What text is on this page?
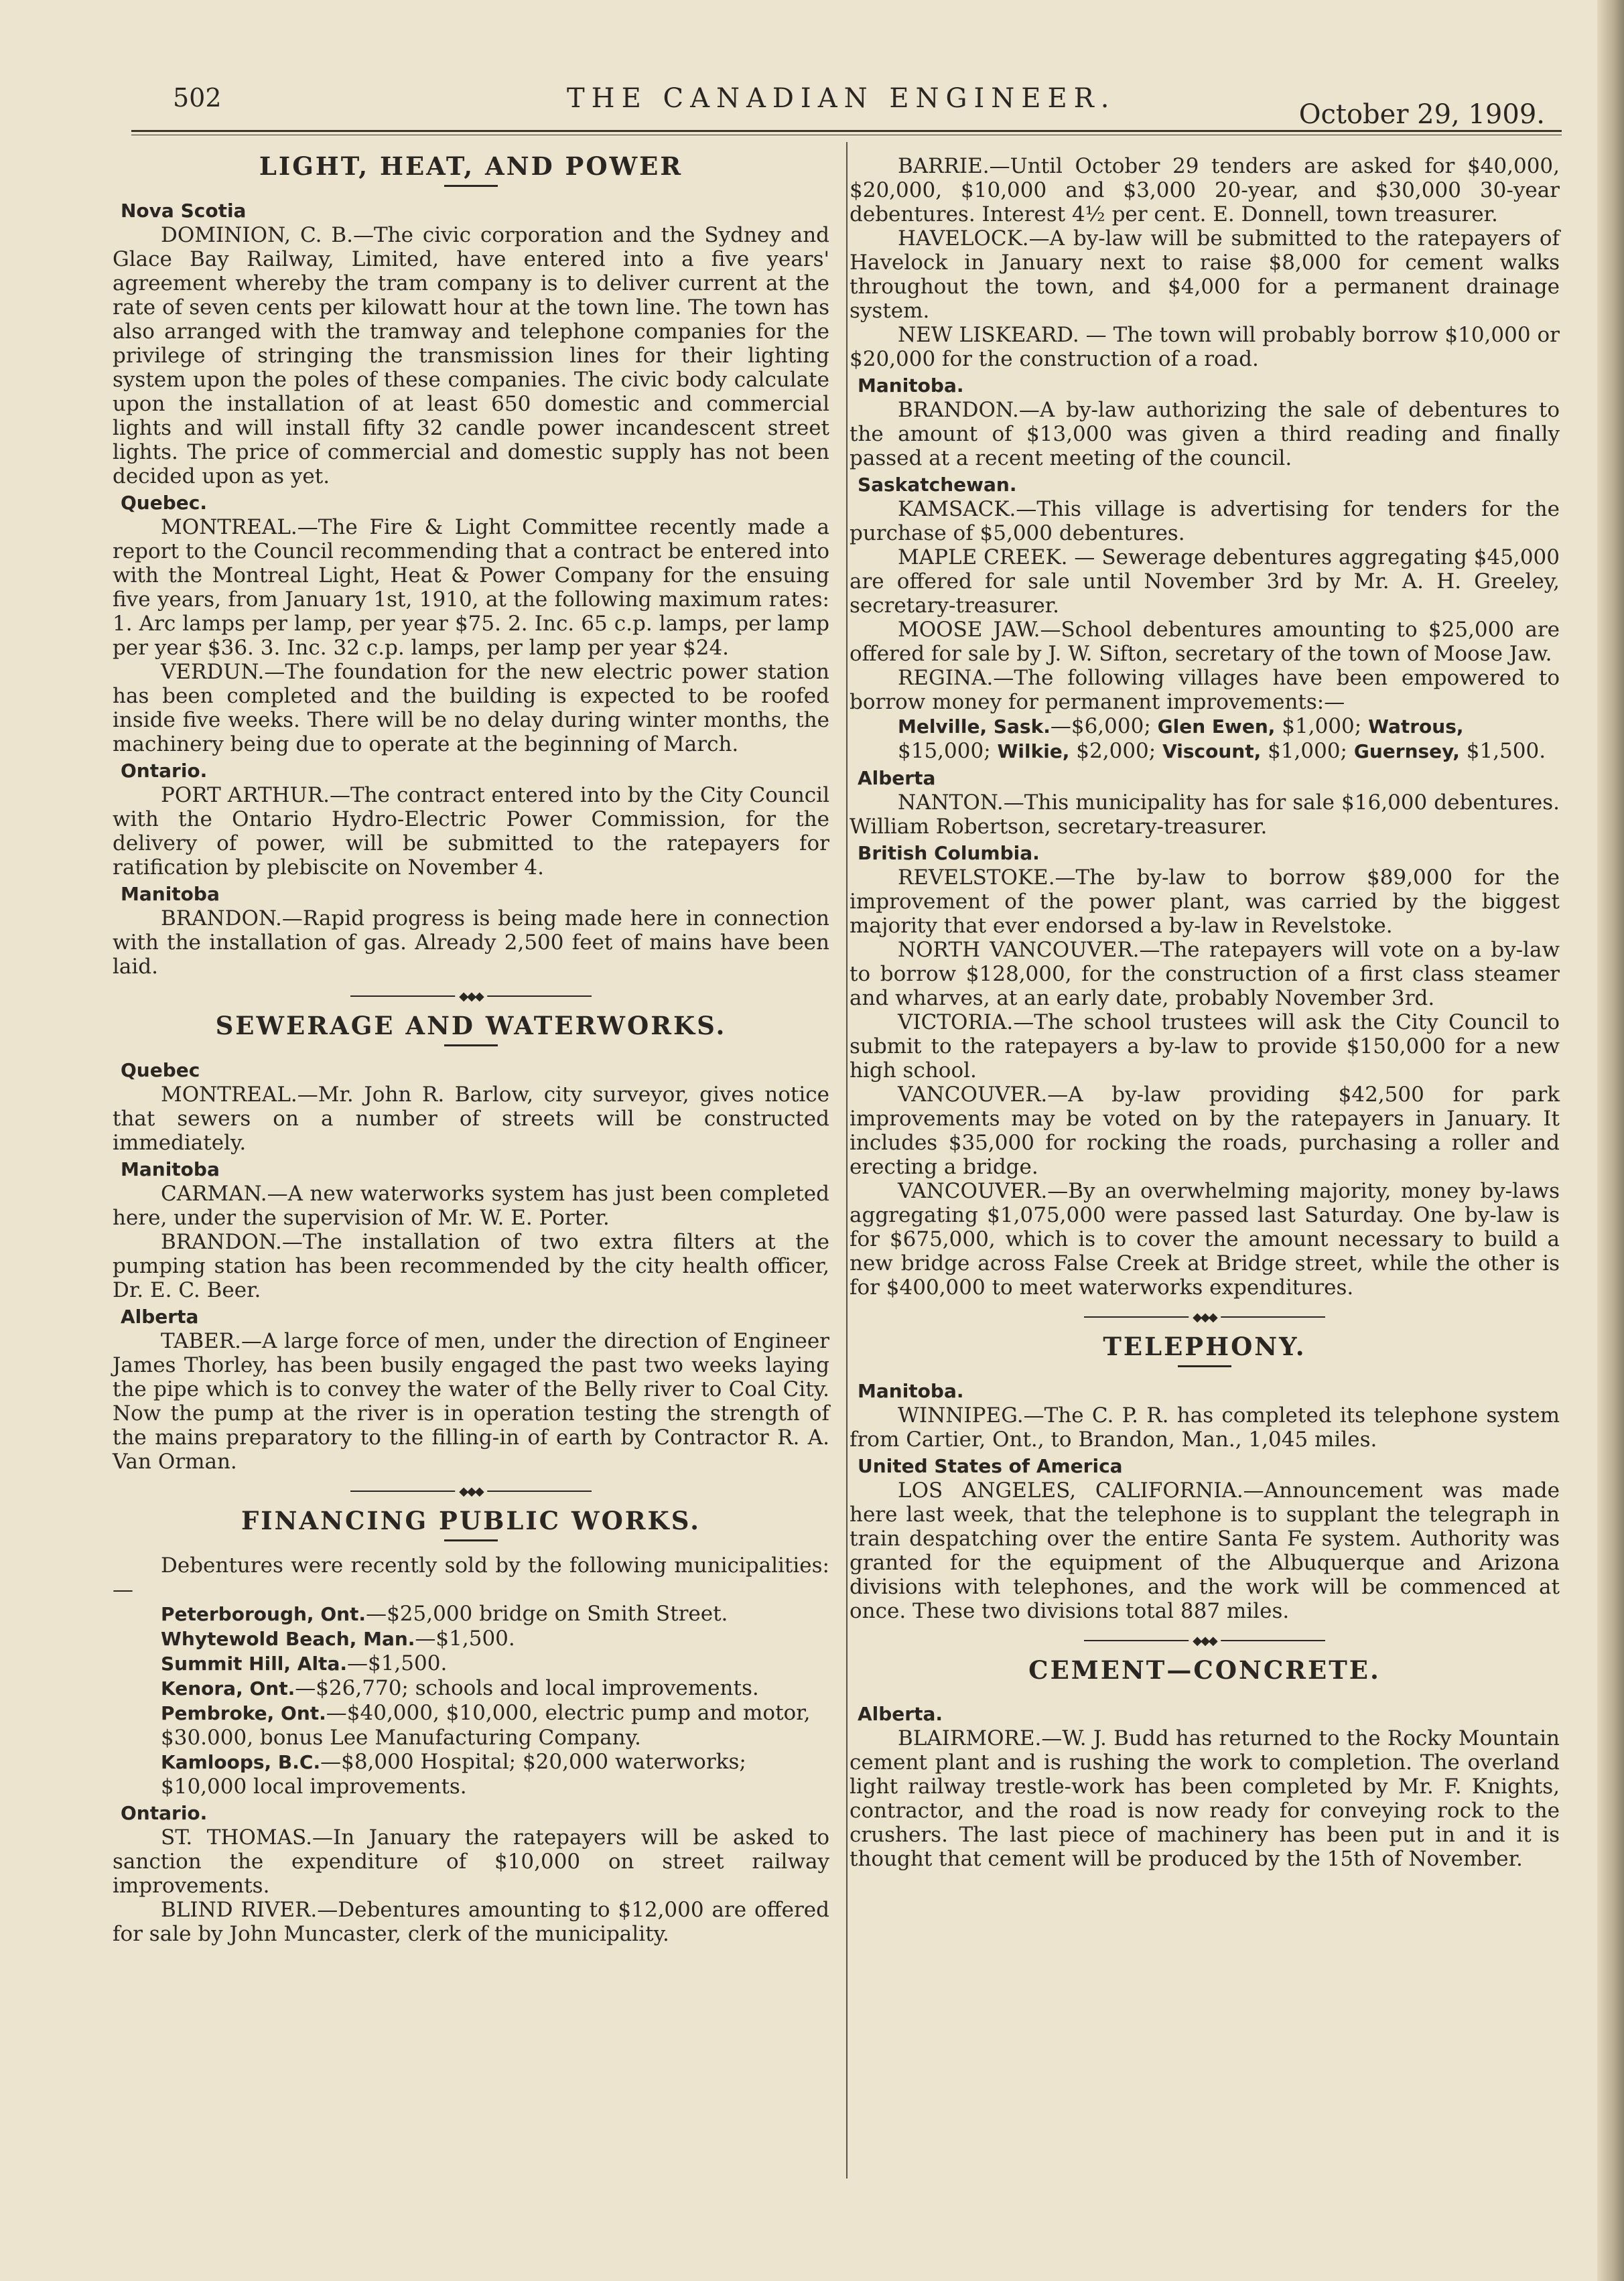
502	THE CANADIAN ENGINEER.
October 29, 1909.
LIGHT, HEAT, AND POWER
Nova Scotia

DOMINION, C. B.—The civic corporation and the Sydney and Glace Bay Railway, Limited, have entered into a five years' agreement whereby the tram company is to deliver current at the rate of seven cents per kilowatt hour at the town line. The town has also arranged with the tramway and telephone companies for the privilege of stringing the transmission lines for their lighting system upon the poles of these companies. The civic body calculate upon the installation of at least 650 domestic and commercial lights and will install fifty 32 candle power incandescent street lights. The price of commercial and domestic supply has not been decided upon as yet.

Quebec.

MONTREAL.—The Fire & Light Committee recently made a report to the Council recommending that a contract be entered into with the Montreal Light, Heat & Power Company for the ensuing five years, from January 1st, 1910, at the following maximum rates: 1. Arc lamps per lamp, per year $75. 2. Inc. 65 c.p. lamps, per lamp per year $36. 3. Inc. 32 c.p. lamps, per lamp per year $24.

VERDUN.—The foundation for the new electric power station has been completed and the building is expected to be roofed inside five weeks. There will be no delay during winter months, the machinery being due to operate at the beginning of March.

Ontario.

PORT ARTHUR.—The contract entered into by the City Council with the Ontario Hydro-Electric Power Commission, for the delivery of power, will be submitted to the ratepayers for ratification by plebiscite on November 4.

Manitoba

BRANDON.—Rapid progress is being made here in connection with the installation of gas. Already 2,500 feet of mains have been laid.

◆◆◆
SEWERAGE AND WATERWORKS.
Quebec

MONTREAL.—Mr. John R. Barlow, city surveyor, gives notice that sewers on a number of streets will be constructed immediately.

Manitoba

CARMAN.—A new waterworks system has just been completed here, under the supervision of Mr. W. E. Porter.

BRANDON.—The installation of two extra filters at the pumping station has been recommended by the city health officer, Dr. E. C. Beer.

Alberta

TABER.—A large force of men, under the direction of Engineer James Thorley, has been busily engaged the past two weeks laying the pipe which is to convey the water of the Belly river to Coal City. Now the pump at the river is in operation testing the strength of the mains preparatory to the filling-in of earth by Contractor R. A. Van Orman.

◆◆◆
FINANCING PUBLIC WORKS.

Debentures were recently sold by the following municipalities:—

Peterborough, Ont.—$25,000 bridge on Smith Street.

Whytewold Beach, Man.—$1,500.

Summit Hill, Alta.—$1,500.

Kenora, Ont.—$26,770; schools and local improvements.

Pembroke, Ont.—$40,000, $10,000, electric pump and motor, $30.000, bonus Lee Manufacturing Company.

Kamloops, B.C.—$8,000 Hospital; $20,000 waterworks; $10,000 local improvements.

Ontario.

ST. THOMAS.—In January the ratepayers will be asked to sanction the expenditure of $10,000 on street railway improvements.

BLIND RIVER.—Debentures amounting to $12,000 are offered for sale by John Muncaster, clerk of the municipality.

BARRIE.—Until October 29 tenders are asked for $40,000, $20,000, $10,000 and $3,000 20-year, and $30,000 30-year debentures. Interest 4½ per cent. E. Donnell, town treasurer.

HAVELOCK.—A by-law will be submitted to the ratepayers of Havelock in January next to raise $8,000 for cement walks throughout the town, and $4,000 for a permanent drainage system.

NEW LISKEARD. — The town will probably borrow $10,000 or $20,000 for the construction of a road.

Manitoba.

BRANDON.—A by-law authorizing the sale of debentures to the amount of $13,000 was given a third reading and finally passed at a recent meeting of the council.

Saskatchewan.

KAMSACK.—This village is advertising for tenders for the purchase of $5,000 debentures.

MAPLE CREEK. — Sewerage debentures aggregating $45,000 are offered for sale until November 3rd by Mr. A. H. Greeley, secretary-treasurer.

MOOSE JAW.—School debentures amounting to $25,000 are offered for sale by J. W. Sifton, secretary of the town of Moose Jaw.

REGINA.—The following villages have been empowered to borrow money for permanent improvements:—

Melville, Sask.—$6,000; Glen Ewen, $1,000; Watrous, $15,000; Wilkie, $2,000; Viscount, $1,000; Guernsey, $1,500.

Alberta

NANTON.—This municipality has for sale $16,000 debentures. William Robertson, secretary-treasurer.

British Columbia.

REVELSTOKE.—The by-law to borrow $89,000 for the improvement of the power plant, was carried by the biggest majority that ever endorsed a by-law in Revelstoke.

NORTH VANCOUVER.—The ratepayers will vote on a by-law to borrow $128,000, for the construction of a first class steamer and wharves, at an early date, probably November 3rd.

VICTORIA.—The school trustees will ask the City Council to submit to the ratepayers a by-law to provide $150,000 for a new high school.

VANCOUVER.—A by-law providing $42,500 for park improvements may be voted on by the ratepayers in January. It includes $35,000 for rocking the roads, purchasing a roller and erecting a bridge.

VANCOUVER.—By an overwhelming majority, money by-laws aggregating $1,075,000 were passed last Saturday. One by-law is for $675,000, which is to cover the amount necessary to build a new bridge across False Creek at Bridge street, while the other is for $400,000 to meet waterworks expenditures.

◆◆◆
TELEPHONY.
Manitoba.

WINNIPEG.—The C. P. R. has completed its telephone system from Cartier, Ont., to Brandon, Man., 1,045 miles.

United States of America

LOS ANGELES, CALIFORNIA.—Announcement was made here last week, that the telephone is to supplant the telegraph in train despatching over the entire Santa Fe system. Authority was granted for the equipment of the Albuquerque and Arizona divisions with telephones, and the work will be commenced at once. These two divisions total 887 miles.

◆◆◆
CEMENT—CONCRETE.
Alberta.

BLAIRMORE.—W. J. Budd has returned to the Rocky Mountain cement plant and is rushing the work to completion. The overland light railway trestle-work has been completed by Mr. F. Knights, contractor, and the road is now ready for conveying rock to the crushers. The last piece of machinery has been put in and it is thought that cement will be produced by the 15th of November.
